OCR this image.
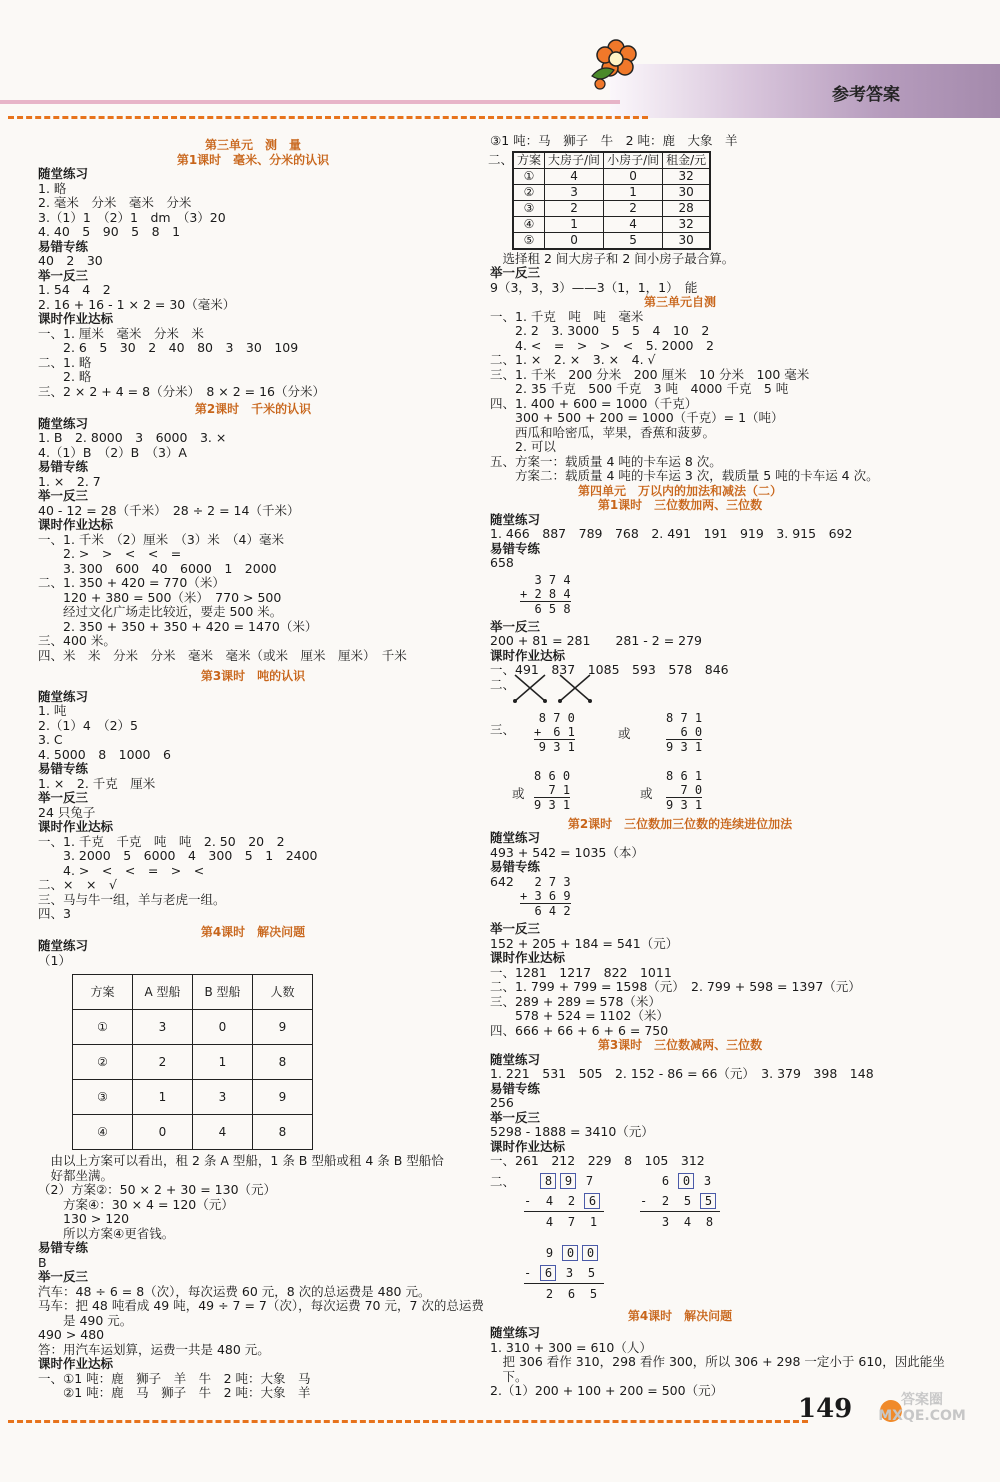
参考答案
第三单元　测　量
第1课时　毫米、分米的认识
随堂练习
1. 略
2. 毫米　分米　毫米　分米
3.（1）1　（2）1　dm　（3）20
4. 40　5　90　5　8　1
易错专练
40　2　30
举一反三
1. 54　4　2
2. 16 + 16 - 1 × 2 = 30（毫米）
课时作业达标
一、1. 厘米　毫米　分米　米
　　2. 6　5　30　2　40　80　3　30　109
二、1. 略
　　2. 略
三、2 × 2 + 4 = 8（分米）　8 × 2 = 16（分米）
第2课时　千米的认识
随堂练习
1. B　2. 8000　3　6000　3. ×
4.（1）B　（2）B　（3）A
易错专练
1. ×　2. 7
举一反三
40 - 12 = 28（千米）　28 ÷ 2 = 14（千米）
课时作业达标
一、1. 千米　（2）厘米　（3）米　（4）毫米
　　2. >　>　<　<　=
　　3. 300　600　40　6000　1　2000
二、1. 350 + 420 = 770（米）
　　120 + 380 = 500（米）　770 > 500
　　经过文化广场走比较近，要走 500 米。
　　2. 350 + 350 + 350 + 420 = 1470（米）
三、400 米。
四、米　米　分米　分米　毫米　毫米（或米　厘米　厘米）　千米
第3课时　吨的认识
随堂练习
1. 吨
2.（1）4　（2）5
3. C
4. 5000　8　1000　6
易错专练
1. ×　2. 千克　厘米
举一反三
24 只兔子
课时作业达标
一、1. 千克　千克　吨　吨　2. 50　20　2
　　3. 2000　5　6000　4　300　5　1　2400
　　4. >　<　<　=　>　<
二、×　×　√
三、马与牛一组，羊与老虎一组。
四、3
第4课时　解决问题
随堂练习
（1）
方案	A 型船	B 型船	人数
①	3	0	9
②	2	1	8
③	1	3	9
④	0	4	8
　由以上方案可以看出，租 2 条 A 型船，1 条 B 型船或租 4 条 B 型船恰
　好都坐满。
（2）方案②：50 × 2 + 30 = 130（元）
　　方案④：30 × 4 = 120（元）
　　130 > 120
　　所以方案④更省钱。
易错专练
B
举一反三
汽车：48 ÷ 6 = 8（次），每次运费 60 元，8 次的总运费是 480 元。
马车：把 48 吨看成 49 吨，49 ÷ 7 = 7（次），每次运费 70 元，7 次的总运费
　　是 490 元。
490 > 480
答：用汽车运划算，运费一共是 480 元。
课时作业达标
一、①1 吨：鹿　狮子　羊　牛　2 吨：大象　马
　　②1 吨：鹿　马　狮子　牛　2 吨：大象　羊
③1 吨：马　狮子　牛　2 吨：鹿　大象　羊
二、 方案	大房子/间	小房子/间	租金/元
①	4	0	32
②	3	1	30
③	2	2	28
④	1	4	32
⑤	0	5	30
　选择租 2 间大房子和 2 间小房子最合算。
举一反三
9（3，3，3）——3（1，1，1）　能
第三单元自测
一、1. 千克　吨　吨　毫米
　　2. 2　3. 3000　5　5　4　10　2
　　4. <　=　>　>　<　5. 2000　2
二、1. ×　2. ×　3. ×　4. √
三、1. 千米　200 分米　200 厘米　10 分米　100 毫米
　　2. 35 千克　500 千克　3 吨　4000 千克　5 吨
四、1. 400 + 600 = 1000（千克）
　　300 + 500 + 200 = 1000（千克）= 1（吨）
　　西瓜和哈密瓜，苹果，香蕉和菠萝。
　　2. 可以
五、方案一：载质量 4 吨的卡车运 8 次。
　　方案二：载质量 4 吨的卡车运 3 次，载质量 5 吨的卡车运 4 次。
第四单元　万以内的加法和减法（二）
第1课时　三位数加两、三位数
随堂练习
1. 466　887　789　768　2. 491　191　919　3. 915　692
易错专练
658
3 7 4
+ 2 8 4
6 5 8
举一反三
200 + 81 = 281　　281 - 2 = 279
课时作业达标
一、491　837　1085　593　578　846
二、
三、
8 7 0
+　6 1
9 3 1
或
8 7 1
6 0
9 3 1
或
8 6 0
7 1
9 3 1
或
8 6 1
7 0
9 3 1
第2课时　三位数加三位数的连续进位加法
随堂练习
493 + 542 = 1035（本）
易错专练
642	2 7 3
+ 3 6 9
6 4 2
举一反三
152 + 205 + 184 = 541（元）
课时作业达标
一、1281　1217　822　1011
二、1. 799 + 799 = 1598（元）　2. 799 + 598 = 1397（元）
三、289 + 289 = 578（米）
　　578 + 524 = 1102（米）
四、666 + 66 + 6 + 6 = 750
第3课时　三位数减两、三位数
随堂练习
1. 221　531　505　2. 152 - 86 = 66（元）　3. 379　398　148
易错专练
256
举一反三
5298 - 1888 = 3410（元）
课时作业达标
一、261　212　229　8　105　312
二、	8 9 7
- 4 2 6
4 7 1
6 0 3
- 2 5 5
3 4 8
9 0 0
- 6 3 5
2 6 5
第4课时　解决问题
随堂练习
1. 310 + 300 = 610（人）
　把 306 看作 310，298 看作 300，所以 306 + 298 一定小于 610，因此能坐
　下。
2.（1）200 + 100 + 200 = 500（元）
149	答案圈
MXQE.COM
